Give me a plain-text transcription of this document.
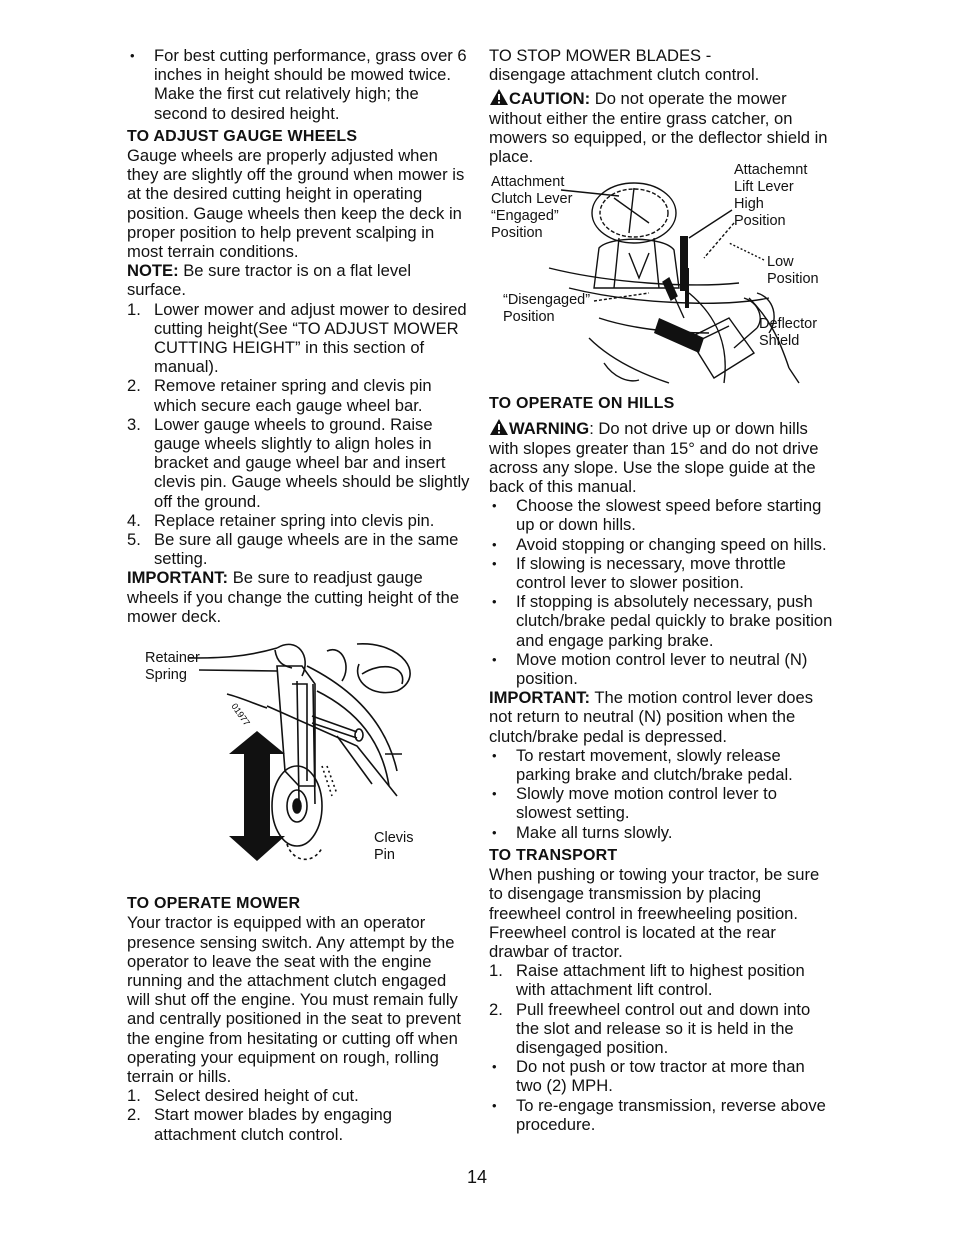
• For best cutting performance, grass over 6 inches in height should be mowed twice. Make the first cut relatively high; the second to desired height.
TO ADJUST GAUGE WHEELS

Gauge wheels are properly adjusted when they are slightly off the ground when mower is at the desired cutting height in operating position. Gauge wheels then keep the deck in proper position to help prevent scalping in most terrain conditions.

NOTE: Be sure tractor is on a flat level surface.

1. Lower mower and adjust mower to desired cutting height(See “TO ADJUST MOWER CUTTING HEIGHT” in this section of manual).
2. Remove retainer spring and clevis pin which secure each gauge wheel bar.
3. Lower gauge wheels to ground. Raise gauge wheels slightly to align holes in bracket and gauge wheel bar and insert clevis pin. Gauge wheels should be slightly off the ground.
4. Replace retainer spring into clevis pin.
5. Be sure all gauge wheels are in the same setting.

IMPORTANT: Be sure to readjust gauge wheels if you change the cutting height of the mower deck.

01977
Retainer
Spring
Clevis
Pin
TO OPERATE MOWER

Your tractor is equipped with an operator presence sensing switch. Any attempt by the operator to leave the seat with the engine running and the attachment clutch engaged will shut off the engine. You must remain fully and centrally positioned in the seat to prevent the engine from hesitating or cutting off when operating your equipment on rough, rolling terrain or hills.

1. Select desired height of cut.
2. Start mower blades by engaging attachment clutch control.

TO STOP MOWER BLADES -

disengage attachment clutch control.

CAUTION: Do not operate the mower without either the entire grass catcher, on mowers so equipped, or the deflector shield in place.

Attachment
Clutch Lever
“Engaged”
Position
“Disengaged”
Position
Attachemnt
Lift Lever
High
Position
Low
Position
Deflector
Shield
TO OPERATE ON HILLS

WARNING: Do not drive up or down hills with slopes greater than 15° and do not drive across any slope. Use the slope guide at the back of this manual.

• Choose the slowest speed before starting up or down hills.
• Avoid stopping or changing speed on hills.
• If slowing is necessary, move throttle control lever to slower position.
• If stopping is absolutely necessary, push clutch/brake pedal quickly to brake position and engage parking brake.
• Move motion control lever to neutral (N) position.

IMPORTANT: The motion control lever does not return to neutral (N) position when the clutch/brake pedal is depressed.

• To restart movement, slowly release parking brake and clutch/brake pedal.
• Slowly move motion control lever to slowest setting.
• Make all turns slowly.
TO TRANSPORT

When pushing or towing your tractor, be sure to disengage transmission by placing freewheel control in freewheeling position. Freewheel control is located at the rear drawbar of tractor.

1. Raise attachment lift to highest position with attachment lift control.
2. Pull freewheel control out and down into the slot and release so it is held in the disengaged position.
• Do not push or tow tractor at more than two (2) MPH.
• To re-engage transmission, reverse above procedure.
14
